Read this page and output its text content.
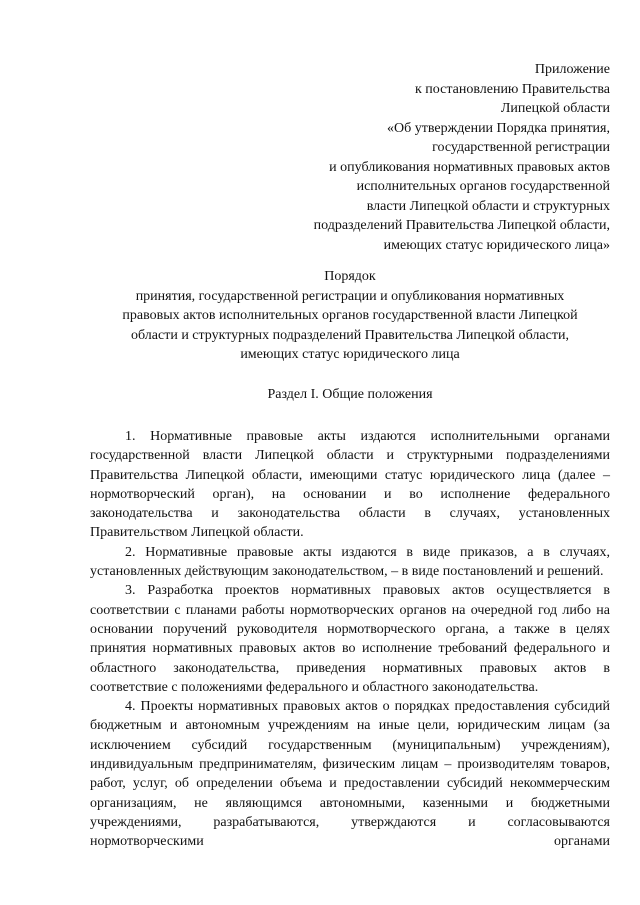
Приложение
к постановлению Правительства
Липецкой области
«Об утверждении Порядка принятия,
государственной регистрации
и опубликования нормативных правовых актов
исполнительных органов государственной
власти Липецкой области и структурных
подразделений Правительства Липецкой области,
имеющих статус юридического лица»
Порядок
принятия, государственной регистрации и опубликования нормативных
правовых актов исполнительных органов государственной власти Липецкой
области и структурных подразделений Правительства Липецкой области,
имеющих статус юридического лица
Раздел I. Общие положения

1. Нормативные правовые акты издаются исполнительными органами государственной власти Липецкой области и структурными подразделениями Правительства Липецкой области, имеющими статус юридического лица (далее – нормотворческий орган), на основании и во исполнение федерального законодательства и законодательства области в случаях, установленных Правительством Липецкой области.

2. Нормативные правовые акты издаются в виде приказов, а в случаях, установленных действующим законодательством, – в виде постановлений и решений.

3. Разработка проектов нормативных правовых актов осуществляется в соответствии с планами работы нормотворческих органов на очередной год либо на основании поручений руководителя нормотворческого органа, а также в целях принятия нормативных правовых актов во исполнение требований федерального и областного законодательства, приведения нормативных правовых актов в соответствие с положениями федерального и областного законодательства.

4. Проекты нормативных правовых актов о порядках предоставления субсидий бюджетным и автономным учреждениям на иные цели, юридическим лицам (за исключением субсидий государственным (муниципальным) учреждениям), индивидуальным предпринимателям, физическим лицам – производителям товаров, работ, услуг, об определении объема и предоставлении субсидий некоммерческим организациям, не являющимся автономными, казенными и бюджетными учреждениями, разрабатываются, утверждаются и согласовываются нормотворческими органами
